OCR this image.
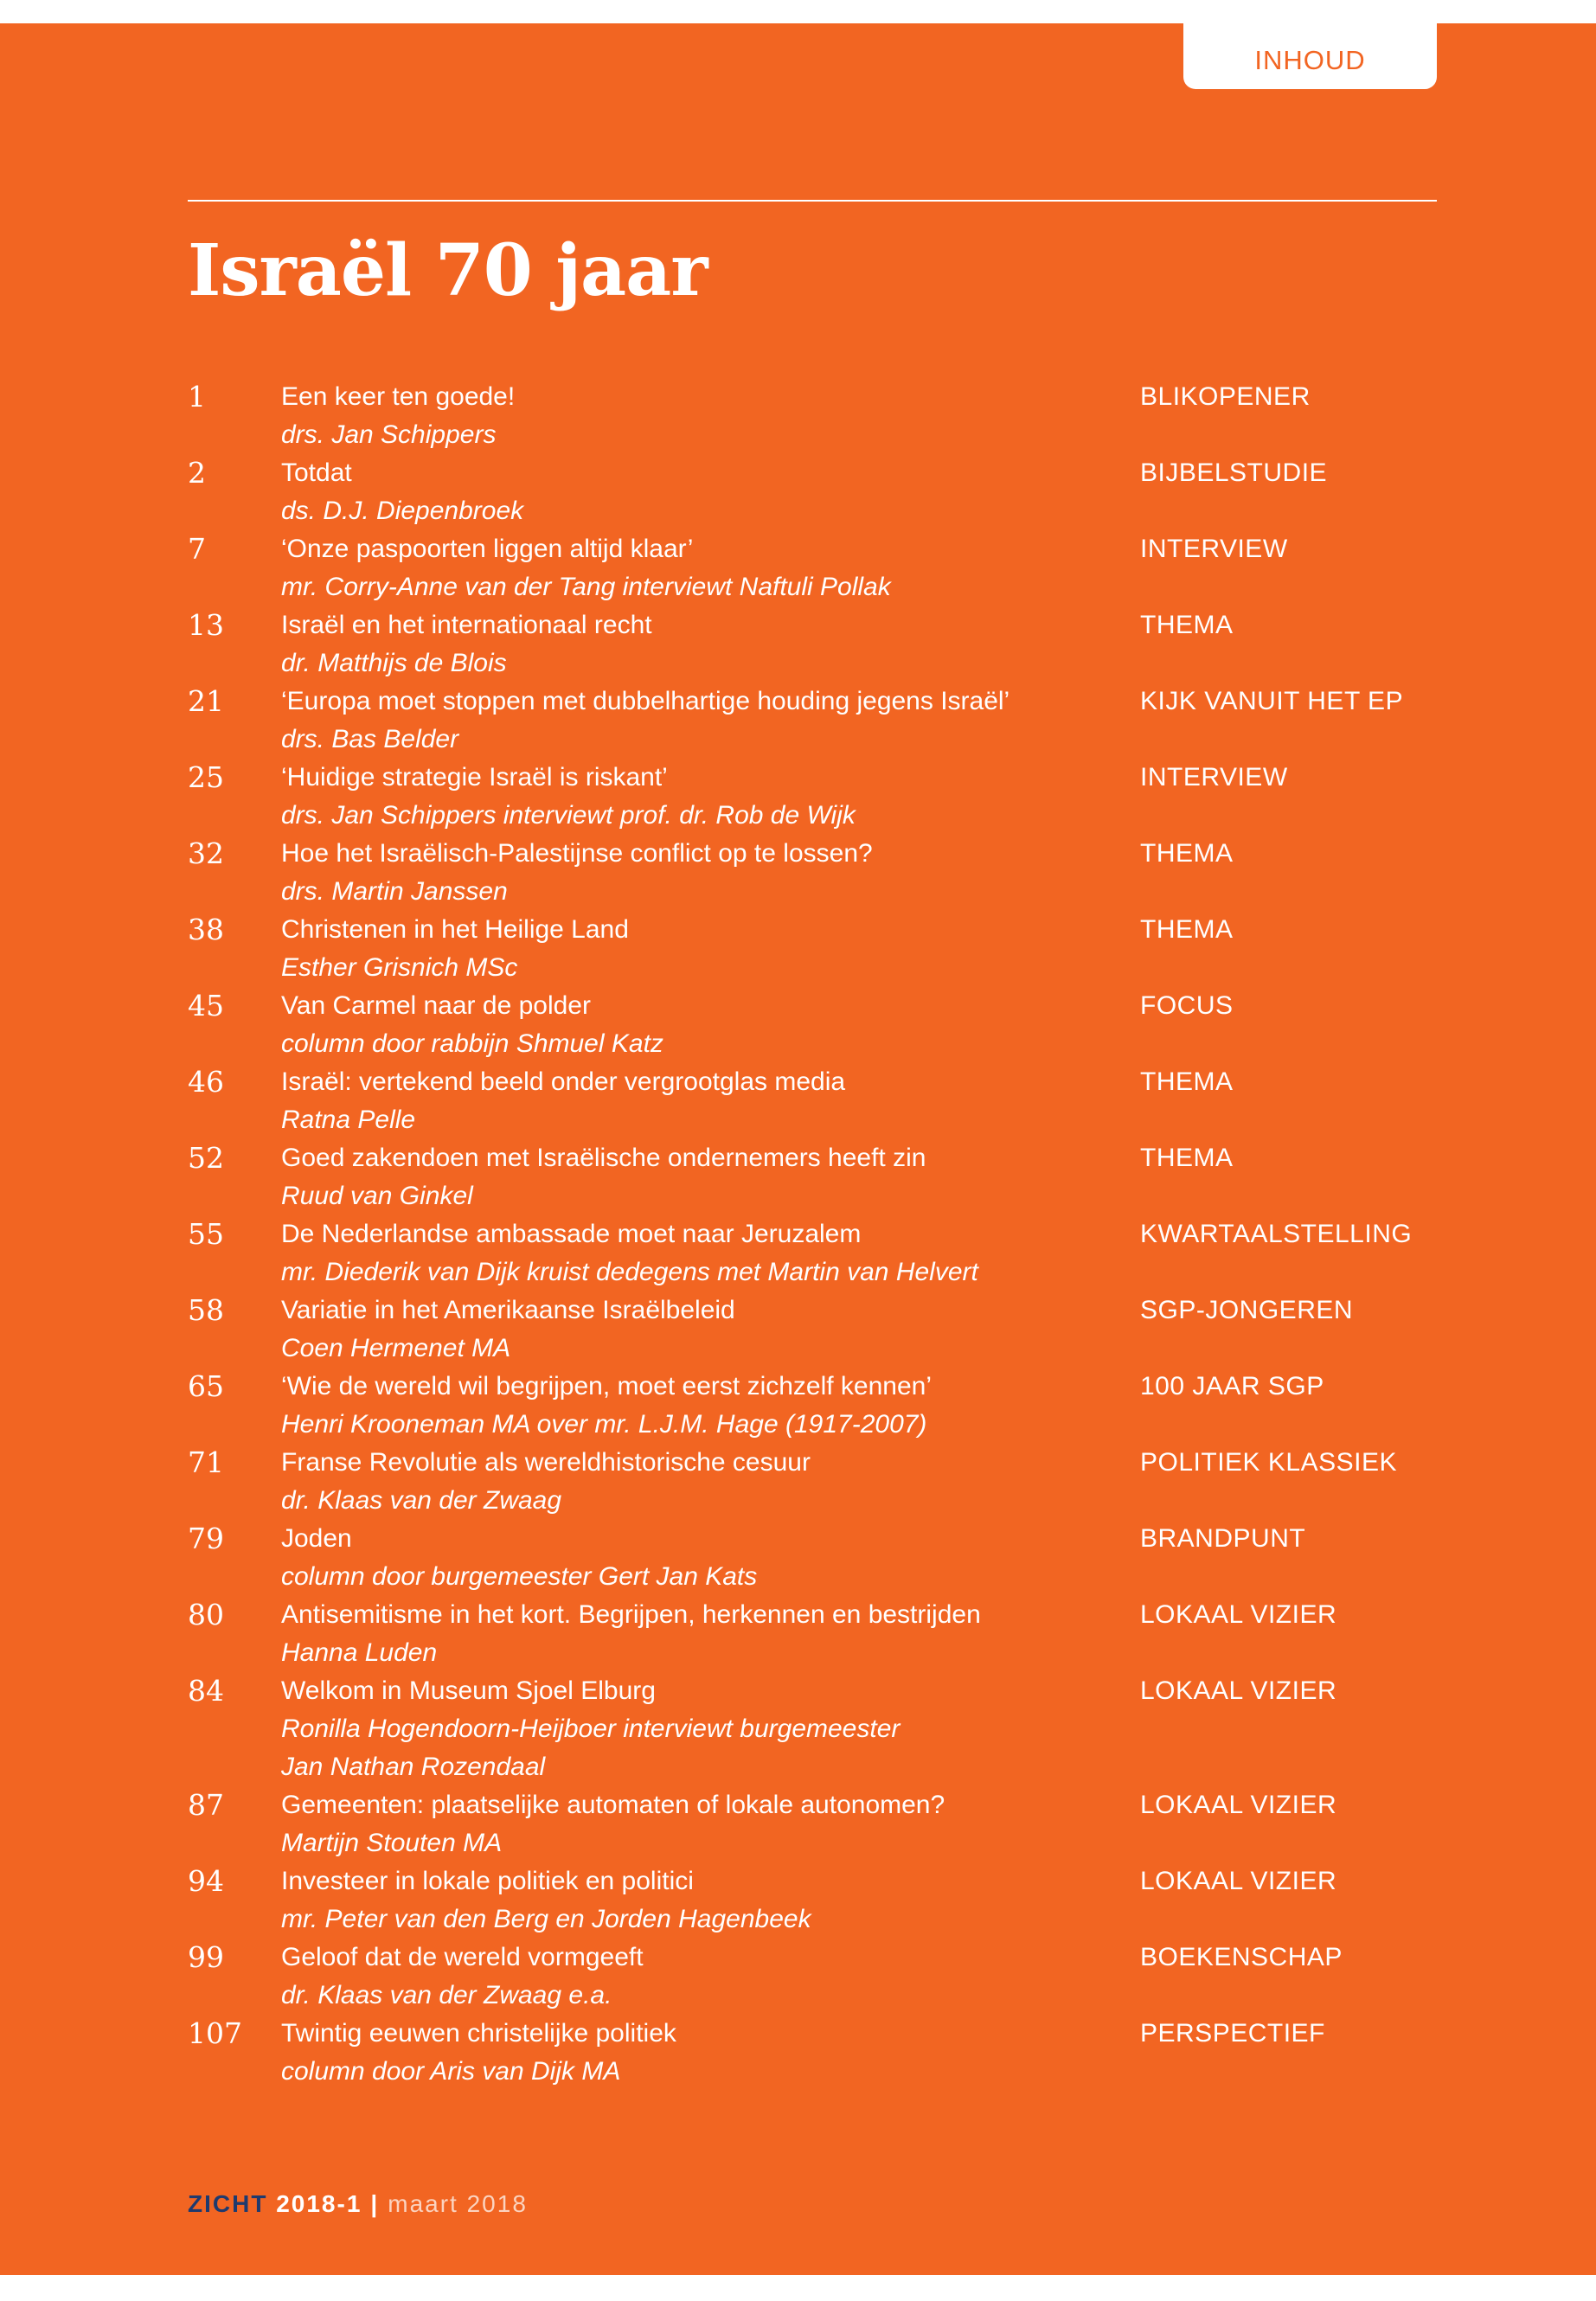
INHOUD
Israël 70 jaar
1	Een keer ten goede!
drs. Jan Schippers
BLIKOPENER
2	Totdat
ds. D.J. Diepenbroek
BIJBELSTUDIE
7	‘Onze paspoorten liggen altijd klaar’
mr. Corry-Anne van der Tang interviewt Naftuli Pollak
INTERVIEW
13	Israël en het internationaal recht
dr. Matthijs de Blois
THEMA
21	‘Europa moet stoppen met dubbelhartige houding jegens Israël’
drs. Bas Belder
KIJK VANUIT HET EP
25	‘Huidige strategie Israël is riskant’
drs. Jan Schippers interviewt prof. dr. Rob de Wijk
INTERVIEW
32	Hoe het Israëlisch-Palestijnse conflict op te lossen?
drs. Martin Janssen
THEMA
38	Christenen in het Heilige Land
Esther Grisnich MSc
THEMA
45	Van Carmel naar de polder
column door rabbijn Shmuel Katz
FOCUS
46	Israël: vertekend beeld onder vergrootglas media
Ratna Pelle
THEMA
52	Goed zakendoen met Israëlische ondernemers heeft zin
Ruud van Ginkel
THEMA
55	De Nederlandse ambassade moet naar Jeruzalem
mr. Diederik van Dijk kruist dedegens met Martin van Helvert
KWARTAALSTELLING
58	Variatie in het Amerikaanse Israëlbeleid
Coen Hermenet MA
SGP-JONGEREN
65	‘Wie de wereld wil begrijpen, moet eerst zichzelf kennen’
Henri Krooneman MA over mr. L.J.M. Hage (1917-2007)
100 JAAR SGP
71	Franse Revolutie als wereldhistorische cesuur
dr. Klaas van der Zwaag
POLITIEK KLASSIEK
79	Joden
column door burgemeester Gert Jan Kats
BRANDPUNT
80	Antisemitisme in het kort. Begrijpen, herkennen en bestrijden
Hanna Luden
LOKAAL VIZIER
84	Welkom in Museum Sjoel Elburg
Ronilla Hogendoorn-Heijboer interviewt burgemeester
Jan Nathan Rozendaal
LOKAAL VIZIER
87	Gemeenten: plaatselijke automaten of lokale autonomen?
Martijn Stouten MA
LOKAAL VIZIER
94	Investeer in lokale politiek en politici
mr. Peter van den Berg en Jorden Hagenbeek
LOKAAL VIZIER
99	Geloof dat de wereld vormgeeft
dr. Klaas van der Zwaag e.a.
BOEKENSCHAP
107	Twintig eeuwen christelijke politiek
column door Aris van Dijk MA
PERSPECTIEF
ZICHT 2018-1 | maart 2018
